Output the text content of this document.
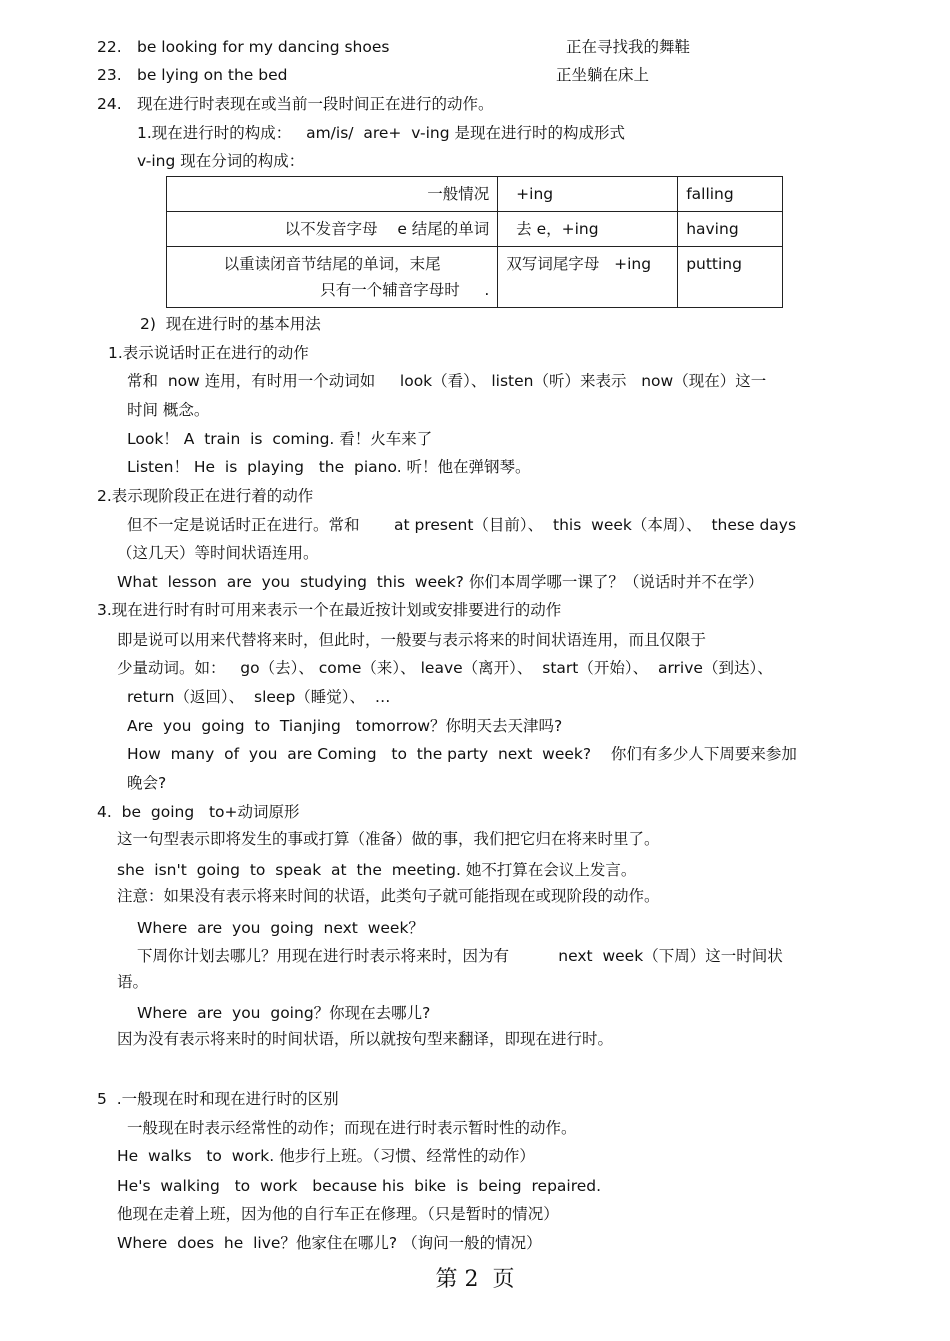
22. be looking for my dancing shoes	正在寻找我的舞鞋
23. be lying on the bed	正坐躺在床上
24. 现在进行时表现在或当前一段时间正在进行的动作。
1.现在进行时的构成：   am/is/  are+  v-ing 是现在进行时的构成形式
v-ing 现在分词的构成：
一般情况	+ing	falling
以不发音字母    e 结尾的单词	去 e，+ing	having

以重读闭音节结尾的单词，末尾
只有一个辅音字母时     .	双写词尾字母   +ing	putting
2)  现在进行时的基本用法
1.表示说话时正在进行的动作
常和  now 连用，有时用一个动词如     look（看）、 listen（听）来表示   now（现在）这一
时间 概念。
Look！ A  train  is  coming. 看！火车来了
Listen！ He  is  playing   the  piano. 听！他在弹钢琴。
2.表示现阶段正在进行着的动作
但不一定是说话时正在进行。常和       at present（目前）、  this  week（本周）、  these days
（这几天）等时间状语连用。
What  lesson  are  you  studying  this  week? 你们本周学哪一课了？（说话时并不在学）
3.现在进行时有时可用来表示一个在最近按计划或安排要进行的动作
即是说可以用来代替将来时，但此时，一般要与表示将来的时间状语连用，而且仅限于
少量动词。如：   go（去）、 come（来）、 leave（离开）、  start（开始）、  arrive（到达）、
return（返回）、  sleep（睡觉）、  …
Are  you  going  to  Tianjing   tomorrow？你明天去天津吗?
How  many  of  you  are Coming   to  the party  next  week?    你们有多少人下周要来参加
晚会?
4.  be  going   to+动词原形
这一句型表示即将发生的事或打算（准备）做的事，我们把它归在将来时里了。
she  isn't  going  to  speak  at  the  meeting. 她不打算在会议上发言。
注意：如果没有表示将来时间的状语，此类句子就可能指现在或现阶段的动作。
Where  are  you  going  next  week？
下周你计划去哪儿？用现在进行时表示将来时，因为有          next  week（下周）这一时间状
语。
Where  are  you  going？你现在去哪儿?
因为没有表示将来时的时间状语，所以就按句型来翻译，即现在进行时。
5  .一般现在时和现在进行时的区别
一般现在时表示经常性的动作；而现在进行时表示暂时性的动作。
He  walks   to  work. 他步行上班。（习惯、经常性的动作）
He's  walking   to  work   because his  bike  is  being  repaired.
他现在走着上班，因为他的自行车正在修理。（只是暂时的情况）
Where  does  he  live？他家住在哪儿? （询问一般的情况）
第 2  页
